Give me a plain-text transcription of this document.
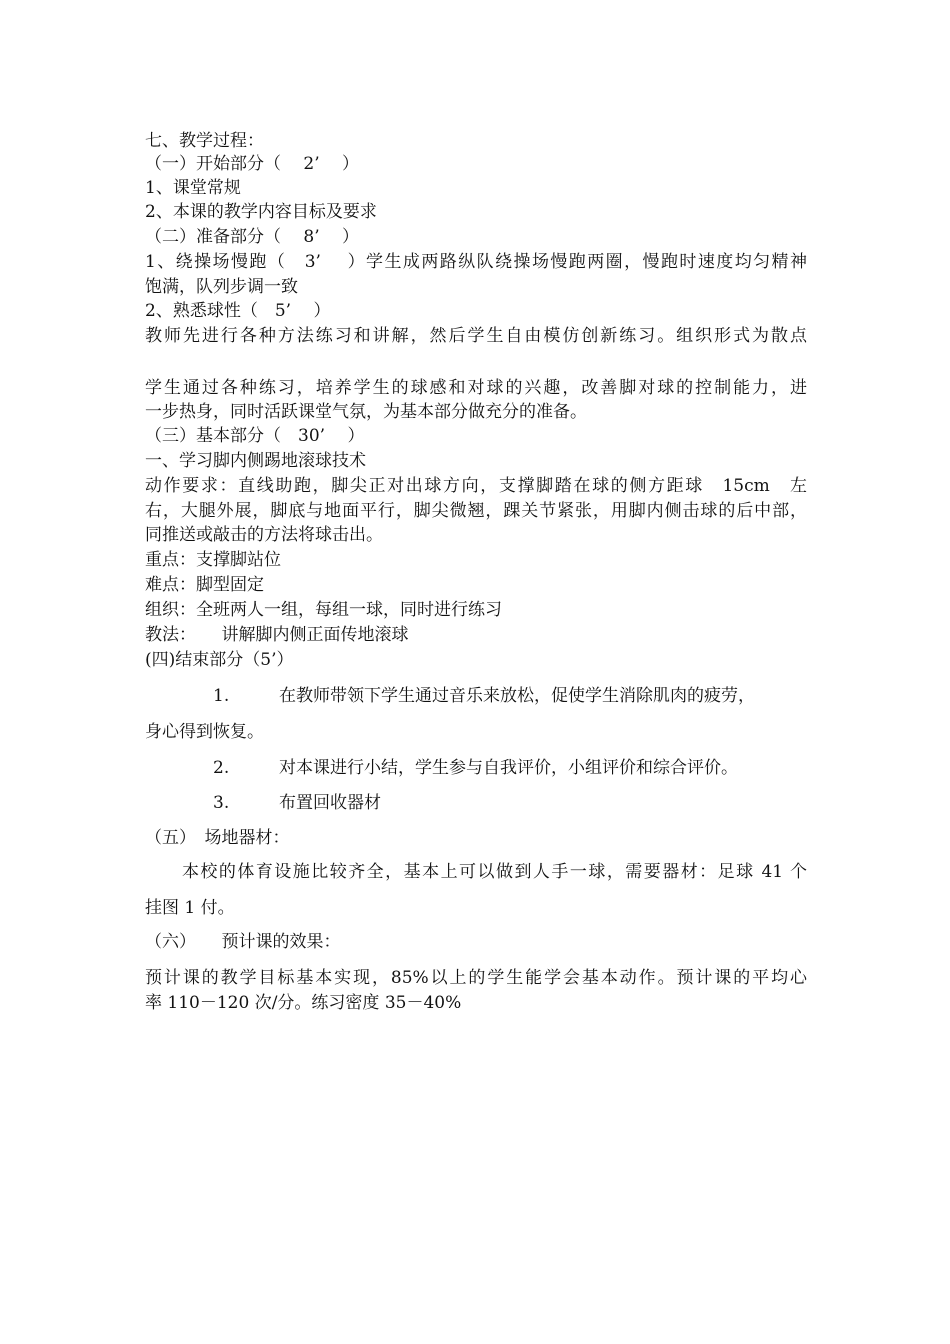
七、教学过程：
（一）开始部分（　 2’　 ）
1、课堂常规
2、本课的教学内容目标及要求
（二）准备部分（　 8’　 ）
1、绕操场慢跑（　3’　 ）学生成两路纵队绕操场慢跑两圈，慢跑时速度均匀精神
饱满，队列步调一致
2、熟悉球性（　5’　 ）
教师先进行各种方法练习和讲解，然后学生自由模仿创新练习。组织形式为散点
学生通过各种练习，培养学生的球感和对球的兴趣，改善脚对球的控制能力，进
一步热身，同时活跃课堂气氛，为基本部分做充分的准备。
（三）基本部分（　30’　 ）
一、学习脚内侧踢地滚球技术
动作要求：直线助跑，脚尖正对出球方向，支撑脚踏在球的侧方距球　15cm　左
右，大腿外展，脚底与地面平行，脚尖微翘，踝关节紧张，用脚内侧击球的后中部，
同推送或敲击的方法将球击出。
重点：支撑脚站位
难点：脚型固定
组织：全班两人一组，每组一球，同时进行练习
教法：　　讲解脚内侧正面传地滚球
(四)结束部分（5’）
1.	在教师带领下学生通过音乐来放松，促使学生消除肌肉的疲劳，
身心得到恢复。
2.	对本课进行小结，学生参与自我评价，小组评价和综合评价。
3.	布置回收器材
（五）　场地器材：
　　本校的体育设施比较齐全，基本上可以做到人手一球，需要器材：足球 41 个
挂图 1 付。
（六）　　预计课的效果：
预计课的教学目标基本实现，85%以上的学生能学会基本动作。预计课的平均心
率 110－120 次/分。练习密度 35－40%
